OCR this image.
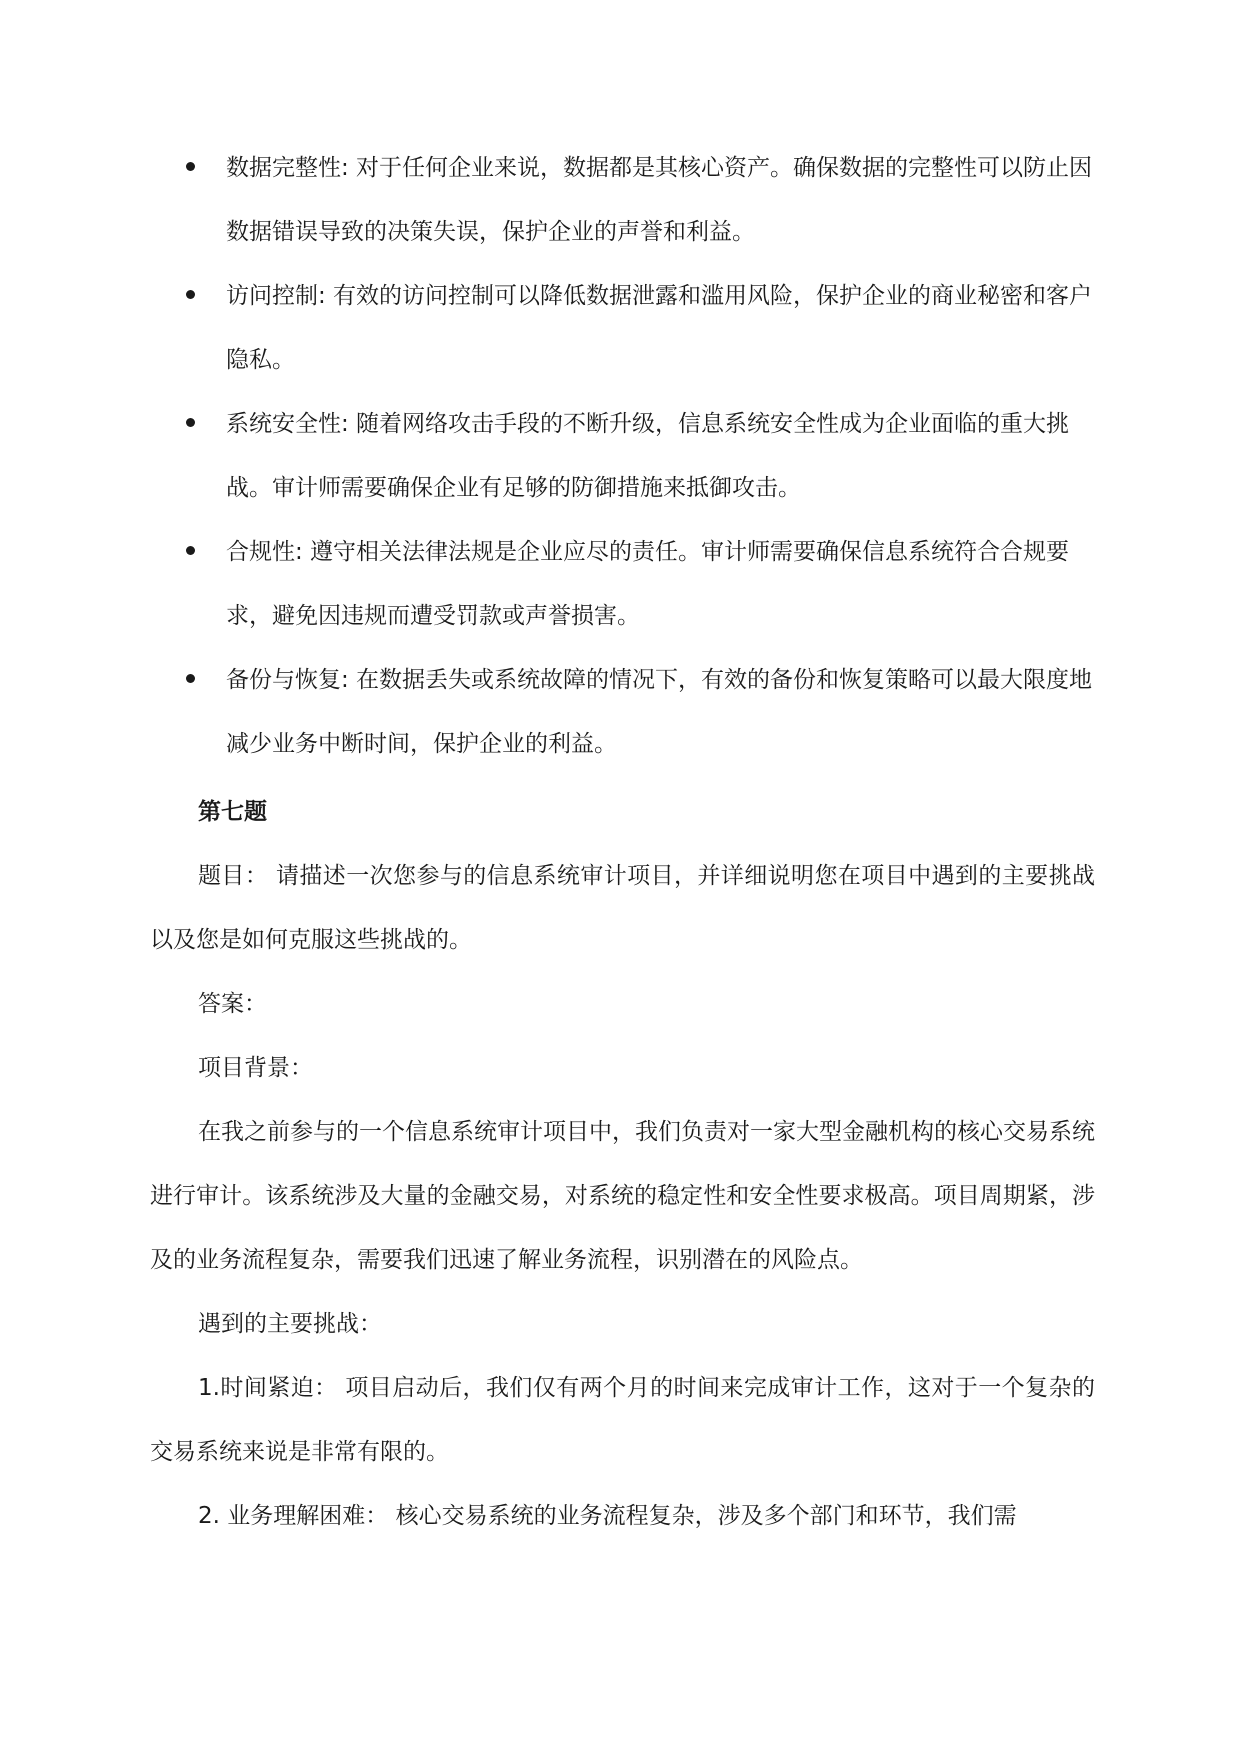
数据完整性: 对于任何企业来说，数据都是其核心资产。确保数据的完整性可以防止因数据错误导致的决策失误，保护企业的声誉和利益。
访问控制: 有效的访问控制可以降低数据泄露和滥用风险，保护企业的商业秘密和客户隐私。
系统安全性: 随着网络攻击手段的不断升级，信息系统安全性成为企业面临的重大挑战。审计师需要确保企业有足够的防御措施来抵御攻击。
合规性: 遵守相关法律法规是企业应尽的责任。审计师需要确保信息系统符合合规要求，避免因违规而遭受罚款或声誉损害。
备份与恢复: 在数据丢失或系统故障的情况下，有效的备份和恢复策略可以最大限度地减少业务中断时间，保护企业的利益。
第七题

题目： 请描述一次您参与的信息系统审计项目，并详细说明您在项目中遇到的主要挑战以及您是如何克服这些挑战的。

答案：

项目背景：

在我之前参与的一个信息系统审计项目中，我们负责对一家大型金融机构的核心交易系统进行审计。该系统涉及大量的金融交易，对系统的稳定性和安全性要求极高。项目周期紧，涉及的业务流程复杂，需要我们迅速了解业务流程，识别潜在的风险点。

遇到的主要挑战：

1.时间紧迫： 项目启动后，我们仅有两个月的时间来完成审计工作，这对于一个复杂的交易系统来说是非常有限的。

2. 业务理解困难： 核心交易系统的业务流程复杂，涉及多个部门和环节，我们需
